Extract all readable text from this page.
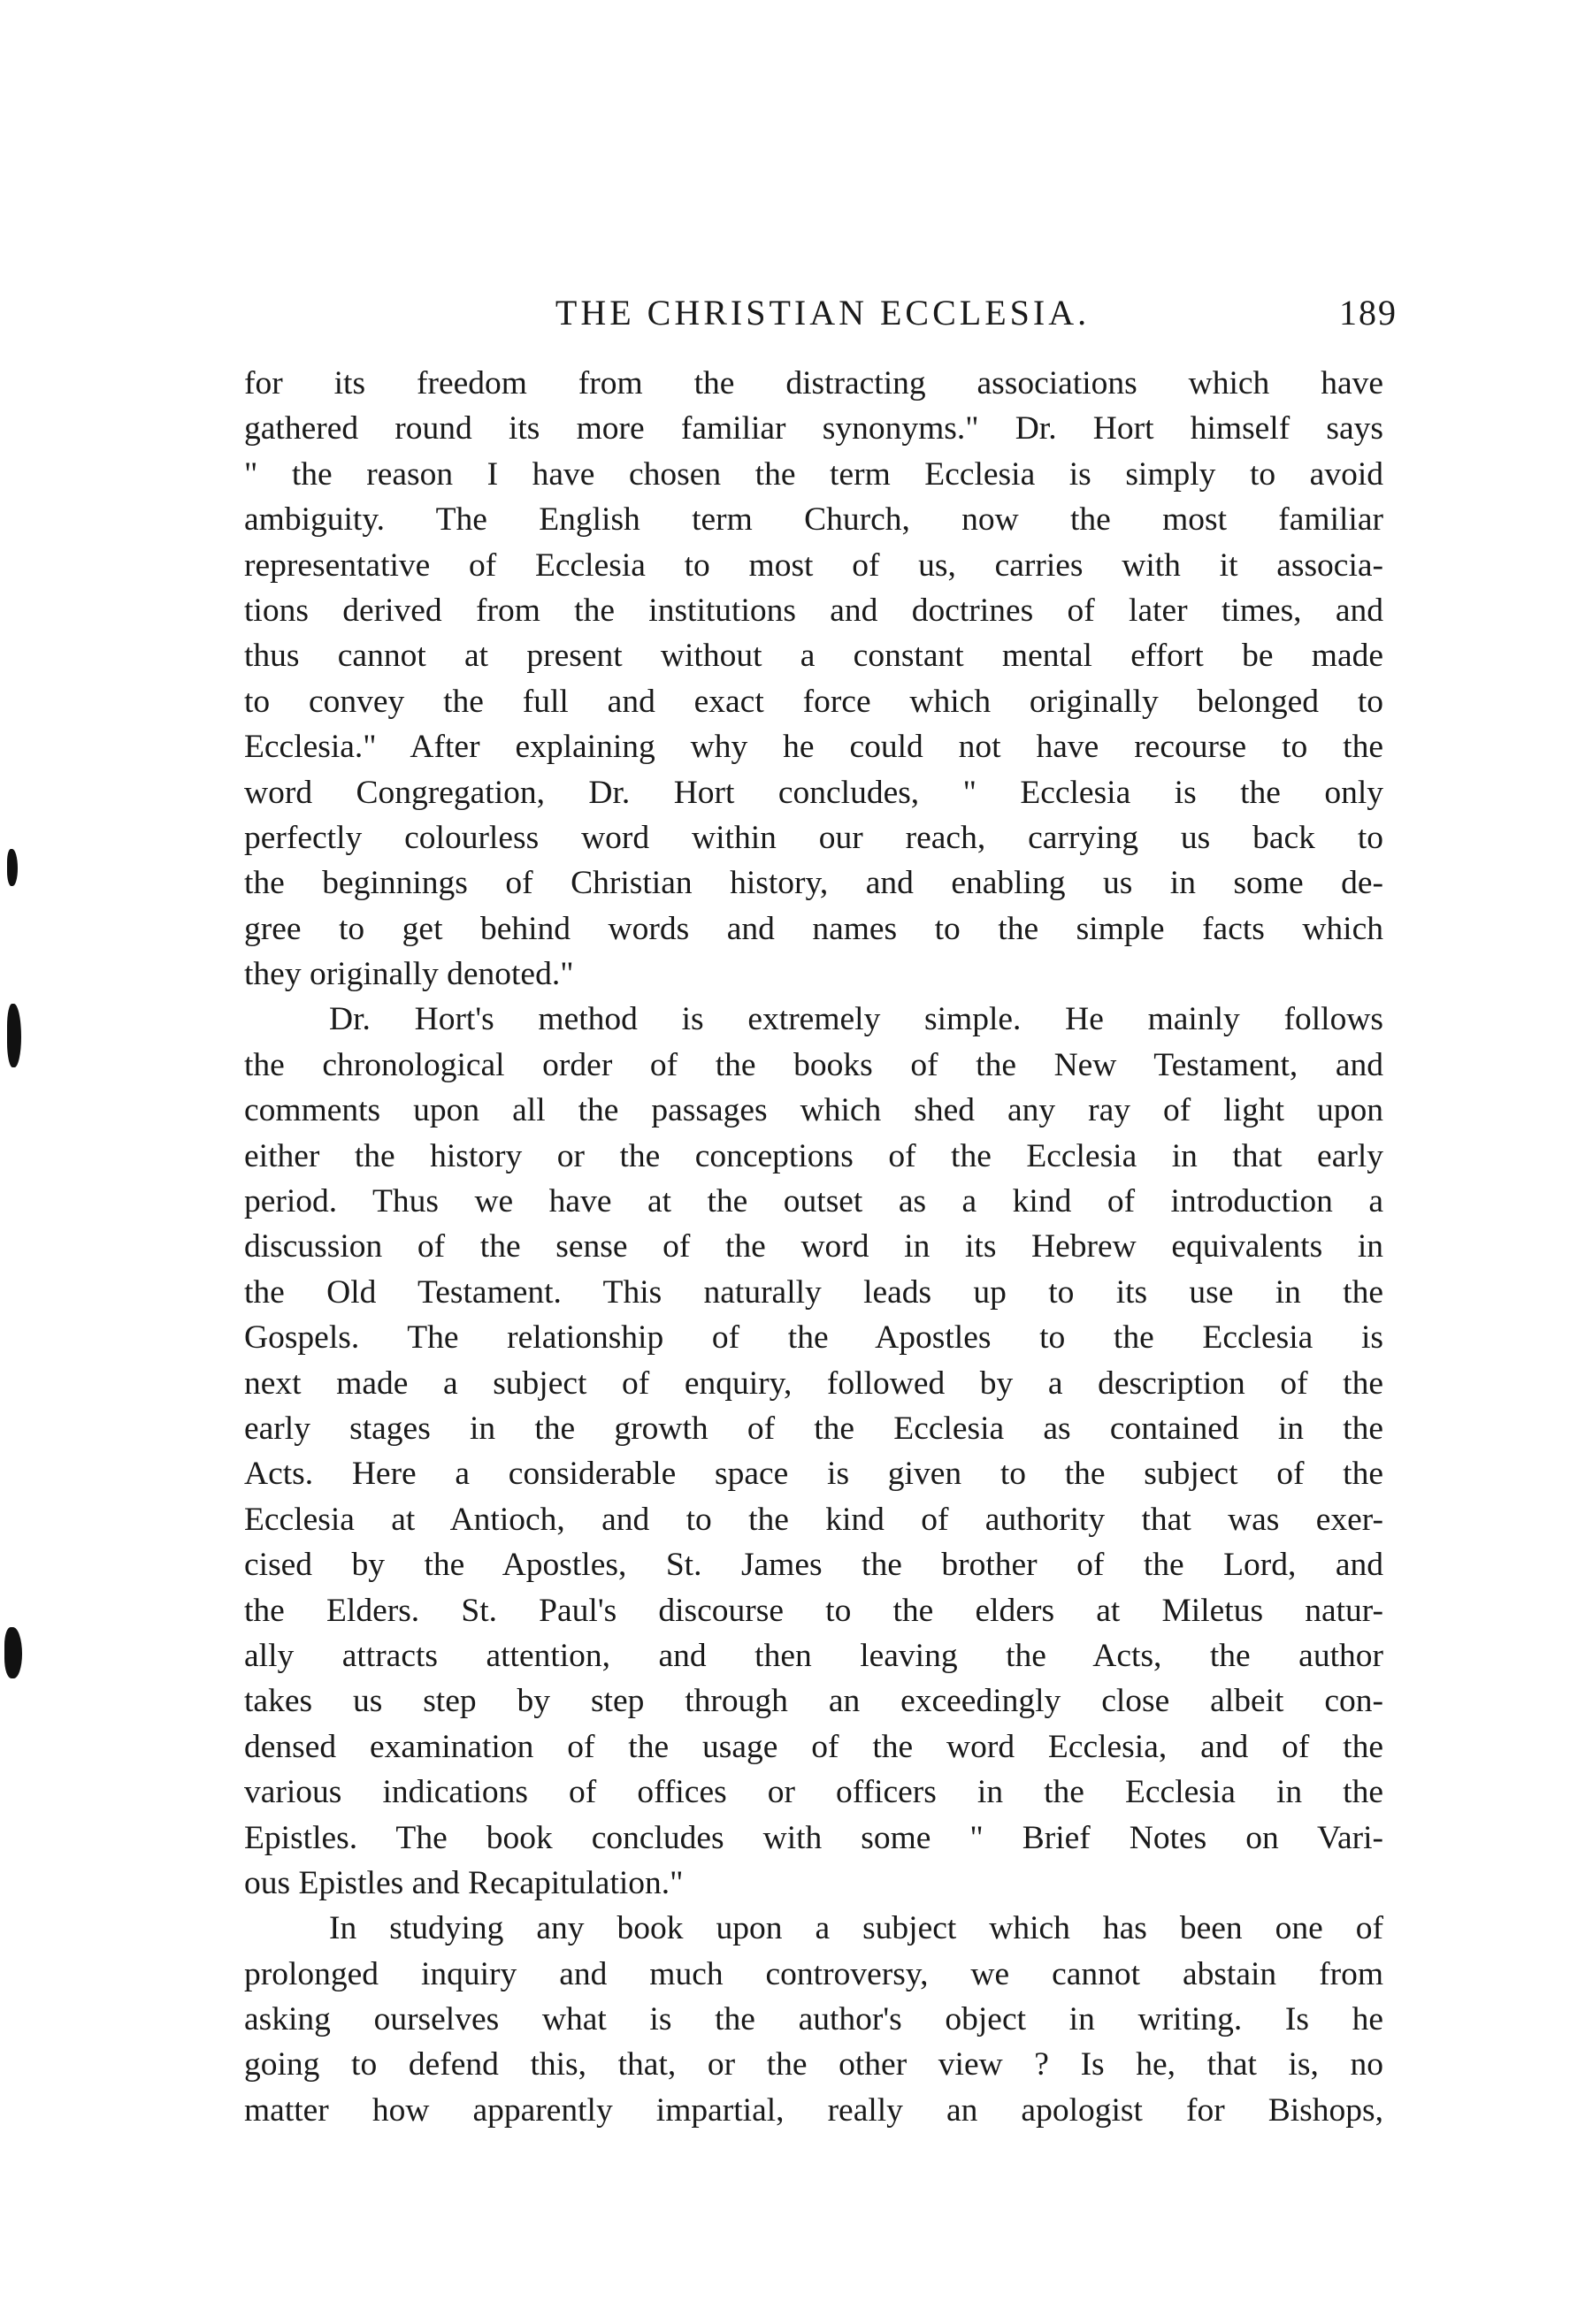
THE CHRISTIAN ECCLESIA.	189
for its freedom from the distracting associations which have
gathered round its more familiar synonyms." Dr. Hort himself says
" the reason I have chosen the term Ecclesia is simply to avoid
ambiguity. The English term Church, now the most familiar
representative of Ecclesia to most of us, carries with it associa-
tions derived from the institutions and doctrines of later times, and
thus cannot at present without a constant mental effort be made
to convey the full and exact force which originally belonged to
Ecclesia." After explaining why he could not have recourse to the
word Congregation, Dr. Hort concludes, " Ecclesia is the only
perfectly colourless word within our reach, carrying us back to
the beginnings of Christian history, and enabling us in some de-
gree to get behind words and names to the simple facts which
they originally denoted."
Dr. Hort's method is extremely simple. He mainly follows
the chronological order of the books of the New Testament, and
comments upon all the passages which shed any ray of light upon
either the history or the conceptions of the Ecclesia in that early
period. Thus we have at the outset as a kind of introduction a
discussion of the sense of the word in its Hebrew equivalents in
the Old Testament. This naturally leads up to its use in the
Gospels. The relationship of the Apostles to the Ecclesia is
next made a subject of enquiry, followed by a description of the
early stages in the growth of the Ecclesia as contained in the
Acts. Here a considerable space is given to the subject of the
Ecclesia at Antioch, and to the kind of authority that was exer-
cised by the Apostles, St. James the brother of the Lord, and
the Elders. St. Paul's discourse to the elders at Miletus natur-
ally attracts attention, and then leaving the Acts, the author
takes us step by step through an exceedingly close albeit con-
densed examination of the usage of the word Ecclesia, and of the
various indications of offices or officers in the Ecclesia in the
Epistles. The book concludes with some " Brief Notes on Vari-
ous Epistles and Recapitulation."
In studying any book upon a subject which has been one of
prolonged inquiry and much controversy, we cannot abstain from
asking ourselves what is the author's object in writing. Is he
going to defend this, that, or the other view ? Is he, that is, no
matter how apparently impartial, really an apologist for Bishops,
